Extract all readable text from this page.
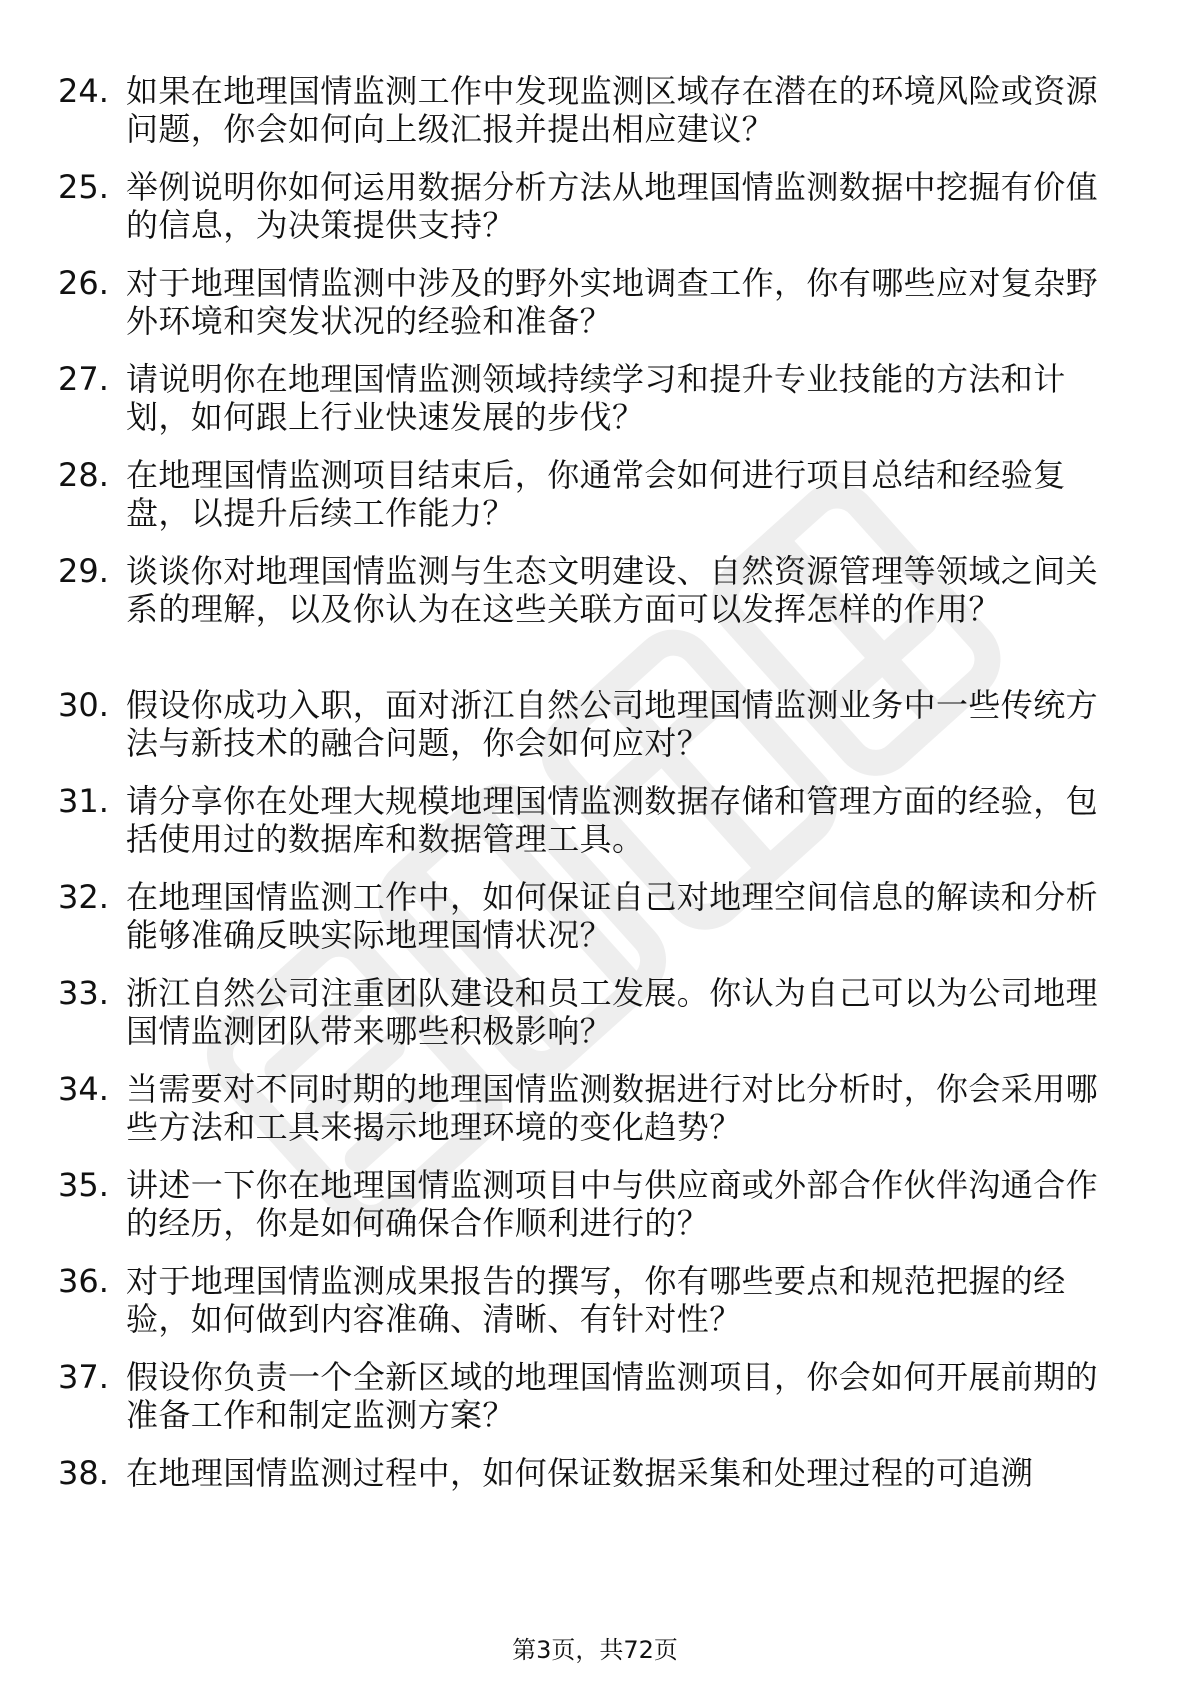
24. 如果在地理国情监测工作中发现监测区域存在潜在的环境风险或资源问题，你会如何向上级汇报并提出相应建议？
25. 举例说明你如何运用数据分析方法从地理国情监测数据中挖掘有价值的信息，为决策提供支持？
26. 对于地理国情监测中涉及的野外实地调查工作，你有哪些应对复杂野外环境和突发状况的经验和准备？
27. 请说明你在地理国情监测领域持续学习和提升专业技能的方法和计划，如何跟上行业快速发展的步伐？
28. 在地理国情监测项目结束后，你通常会如何进行项目总结和经验复盘，以提升后续工作能力？
29. 谈谈你对地理国情监测与生态文明建设、自然资源管理等领域之间关系的理解，以及你认为在这些关联方面可以发挥怎样的作用？
30. 假设你成功入职，面对浙江自然公司地理国情监测业务中一些传统方法与新技术的融合问题，你会如何应对？
31. 请分享你在处理大规模地理国情监测数据存储和管理方面的经验，包括使用过的数据库和数据管理工具。
32. 在地理国情监测工作中，如何保证自己对地理空间信息的解读和分析能够准确反映实际地理国情状况？
33. 浙江自然公司注重团队建设和员工发展。你认为自己可以为公司地理国情监测团队带来哪些积极影响？
34. 当需要对不同时期的地理国情监测数据进行对比分析时，你会采用哪些方法和工具来揭示地理环境的变化趋势？
35. 讲述一下你在地理国情监测项目中与供应商或外部合作伙伴沟通合作的经历，你是如何确保合作顺利进行的？
36. 对于地理国情监测成果报告的撰写，你有哪些要点和规范把握的经验，如何做到内容准确、清晰、有针对性？
37. 假设你负责一个全新区域的地理国情监测项目，你会如何开展前期的准备工作和制定监测方案？
38. 在地理国情监测过程中，如何保证数据采集和处理过程的可追溯
第3页，共72页
